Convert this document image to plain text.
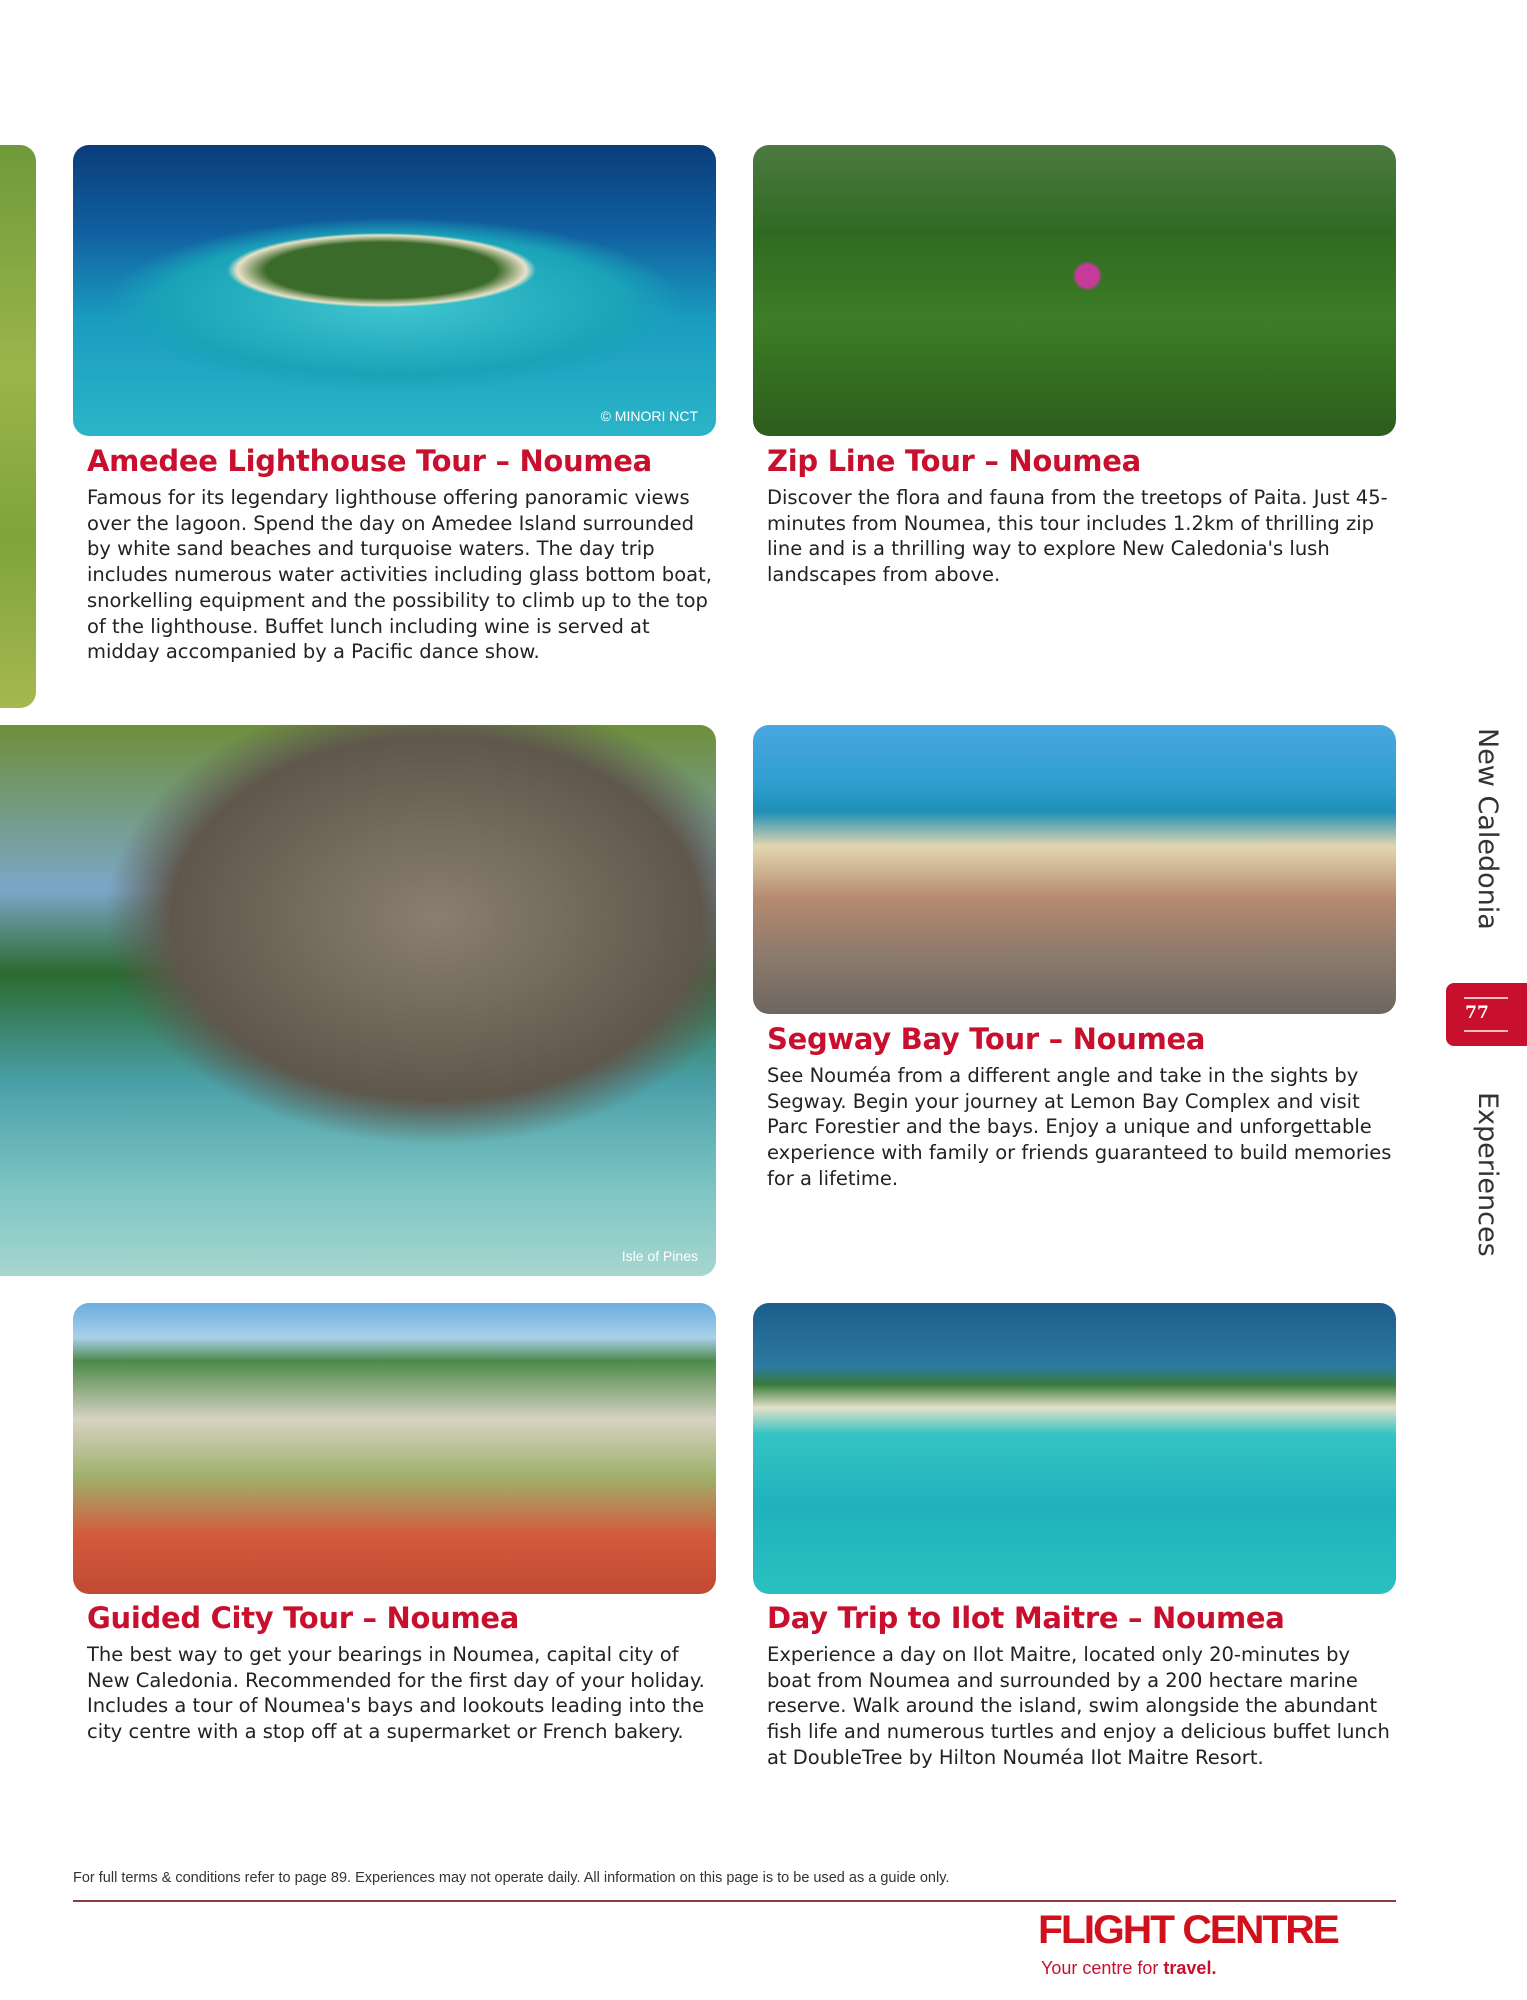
© MINORI NCT
Amedee Lighthouse Tour – Noumea
Famous for its legendary lighthouse offering panoramic views over the lagoon. Spend the day on Amedee Island surrounded by white sand beaches and turquoise waters. The day trip includes numerous water activities including glass bottom boat, snorkelling equipment and the possibility to climb up to the top of the lighthouse. Buffet lunch including wine is served at midday accompanied by a Pacific dance show.
Zip Line Tour – Noumea
Discover the flora and fauna from the treetops of Paita. Just 45-minutes from Noumea, this tour includes 1.2km of thrilling zip line and is a thrilling way to explore New Caledonia's lush landscapes from above.
Isle of Pines
Segway Bay Tour – Noumea
See Nouméa from a different angle and take in the sights by Segway. Begin your journey at Lemon Bay Complex and visit Parc Forestier and the bays. Enjoy a unique and unforgettable experience with family or friends guaranteed to build memories for a lifetime.
Guided City Tour – Noumea
The best way to get your bearings in Noumea, capital city of New Caledonia. Recommended for the first day of your holiday. Includes a tour of Noumea's bays and lookouts leading into the city centre with a stop off at a supermarket or French bakery.
Day Trip to Ilot Maitre – Noumea
Experience a day on Ilot Maitre, located only 20-minutes by boat from Noumea and surrounded by a 200 hectare marine reserve. Walk around the island, swim alongside the abundant fish life and numerous turtles and enjoy a delicious buffet lunch at DoubleTree by Hilton Nouméa Ilot Maitre Resort.
New Caledonia
77
Experiences
For full terms & conditions refer to page 89. Experiences may not operate daily. All information on this page is to be used as a guide only.
FLIGHT CENTRE
Your centre for travel.
